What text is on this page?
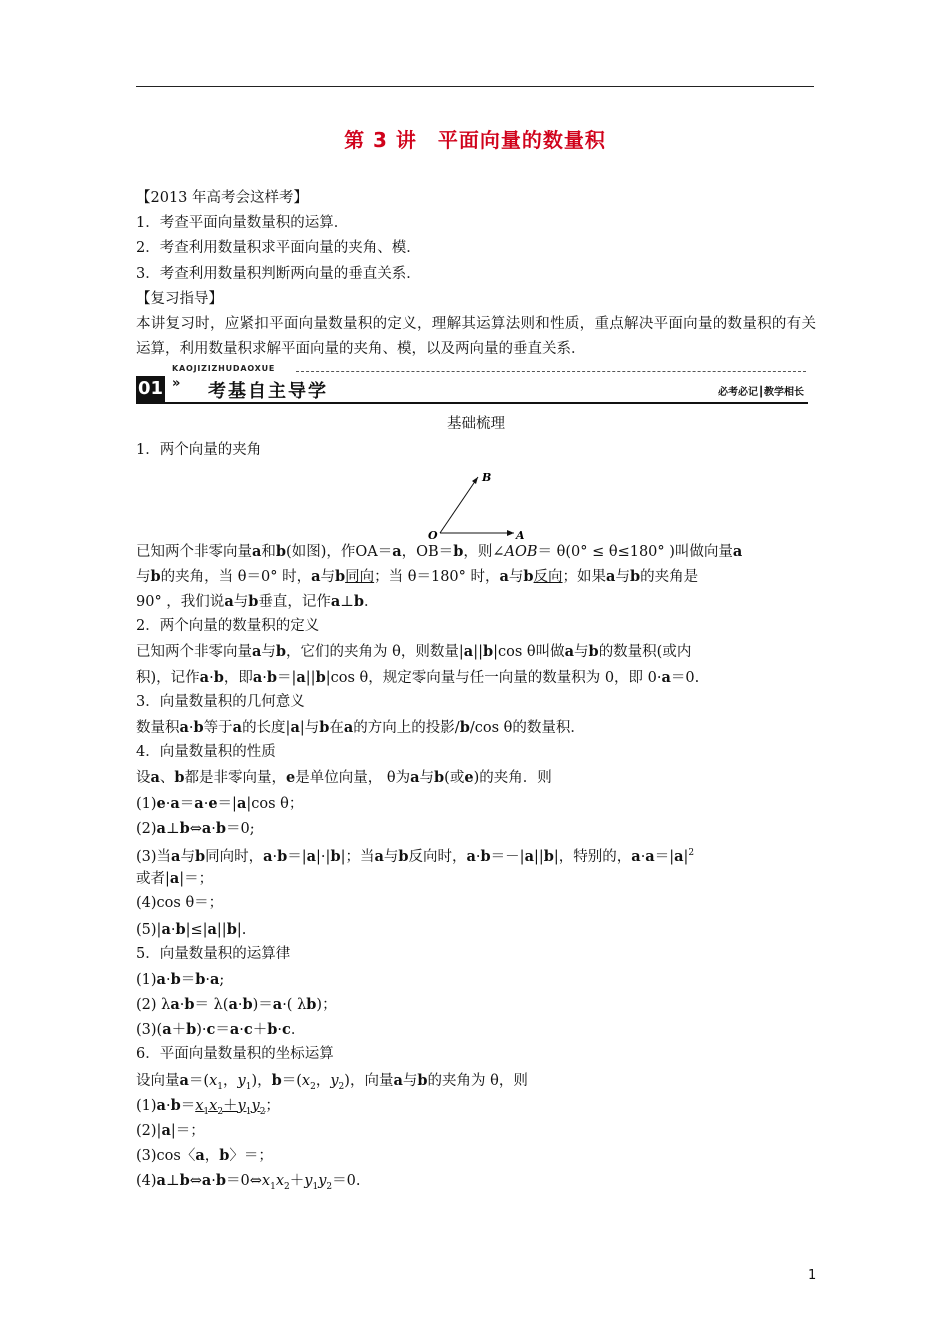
第 3 讲　平面向量的数量积
【2013 年高考会这样考】
1．考查平面向量数量积的运算．
2．考查利用数量积求平面向量的夹角、模．
3．考查利用数量积判断两向量的垂直关系．
【复习指导】
本讲复习时，应紧扣平面向量数量积的定义，理解其运算法则和性质，重点解决平面向量的数量积的有关运算，利用数量积求解平面向量的夹角、模，以及两向量的垂直关系．
01
KAOJIZIZHUDAOXUE
» 考基自主导学	必考必记┃教学相长
基础梳理
1．两个向量的夹角
B
O	A
已知两个非零向量a和b(如图)，作OA＝a，OB＝b，则∠AOB＝ θ(0° ≤ θ≤180° )叫做向量a
与b的夹角，当 θ＝0° 时，a与b同向；当 θ＝180° 时，a与b反向；如果a与b的夹角是
90° ，我们说a与b垂直，记作a⊥b．
2．两个向量的数量积的定义
已知两个非零向量a与b，它们的夹角为 θ，则数量|a||b|cos θ叫做a与b的数量积(或内
积)，记作a·b，即a·b＝|a||b|cos θ，规定零向量与任一向量的数量积为 0，即 0·a＝0.
3．向量数量积的几何意义
数量积a·b等于a的长度|a|与b在a的方向上的投影/b/cos θ的数量积．
4．向量数量积的性质
设a、b都是非零向量，e是单位向量， θ为a与b(或e)的夹角．则
(1)e·a＝a·e＝|a|cos θ；
(2)a⊥b⇔a·b＝0;
(3)当a与b同向时，a·b＝|a|·|b|；当a与b反向时，a·b＝－|a||b|，特别的，$a\cdot a=|a|^2$
或者|a|＝；
(4)cos θ＝；
(5)|a·b|≤|a||b|.
5．向量数量积的运算律
(1)a·b＝b·a;
(2) λa·b＝ λ(a·b)＝a·( λb)；
(3)(a＋b)·c＝a·c＋b·c．
6．平面向量数量积的坐标运算
设向量$a=(x_1$，$y_1$)，$b=(x_2$，$y_2$)，向量a与b的夹角为 θ，则
$(1)a\cdot b=x_1x_2+y_1y_2$；
(2)|a|＝；
(3)cos〈a，b〉＝；
$(4)a\perp b\Leftrightarrow a\cdot b=0\Leftrightarrow x_1x_2+y_1y_2=0$.
1
